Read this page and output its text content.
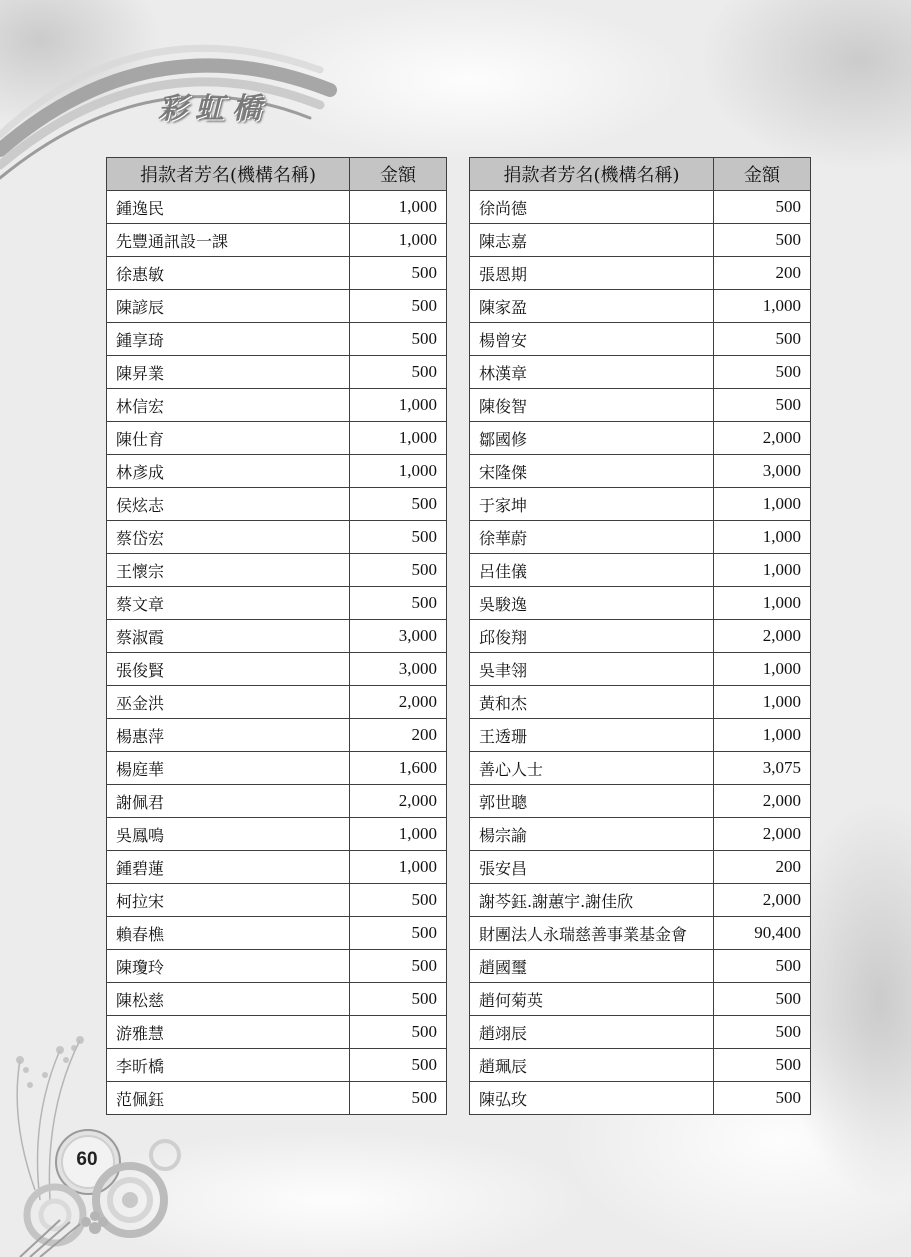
彩虹橋
捐款者芳名(機構名稱)	金額
鍾逸民	1,000
先豐通訊設一課	1,000
徐惠敏	500
陳諺辰	500
鍾享琦	500
陳昇業	500
林信宏	1,000
陳仕育	1,000
林彥成	1,000
侯炫志	500
蔡岱宏	500
王懷宗	500
蔡文章	500
蔡淑霞	3,000
張俊賢	3,000
巫金洪	2,000
楊惠萍	200
楊庭華	1,600
謝佩君	2,000
吳鳳鳴	1,000
鍾碧蓮	1,000
柯拉宋	500
賴春樵	500
陳瓊玲	500
陳松慈	500
游雅慧	500
李昕橋	500
范佩鈺	500
捐款者芳名(機構名稱)	金額
徐尚德	500
陳志嘉	500
張恩期	200
陳家盈	1,000
楊曾安	500
林漢章	500
陳俊智	500
鄒國修	2,000
宋隆傑	3,000
于家坤	1,000
徐華蔚	1,000
呂佳儀	1,000
吳駿逸	1,000
邱俊翔	2,000
吳聿翎	1,000
黃和杰	1,000
王透珊	1,000
善心人士	3,075
郭世聰	2,000
楊宗諭	2,000
張安昌	200
謝芩鈺.謝蕙宇.謝佳欣	2,000
財團法人永瑞慈善事業基金會	90,400
趙國璽	500
趙何菊英	500
趙翊辰	500
趙珮辰	500
陳弘玫	500
60
